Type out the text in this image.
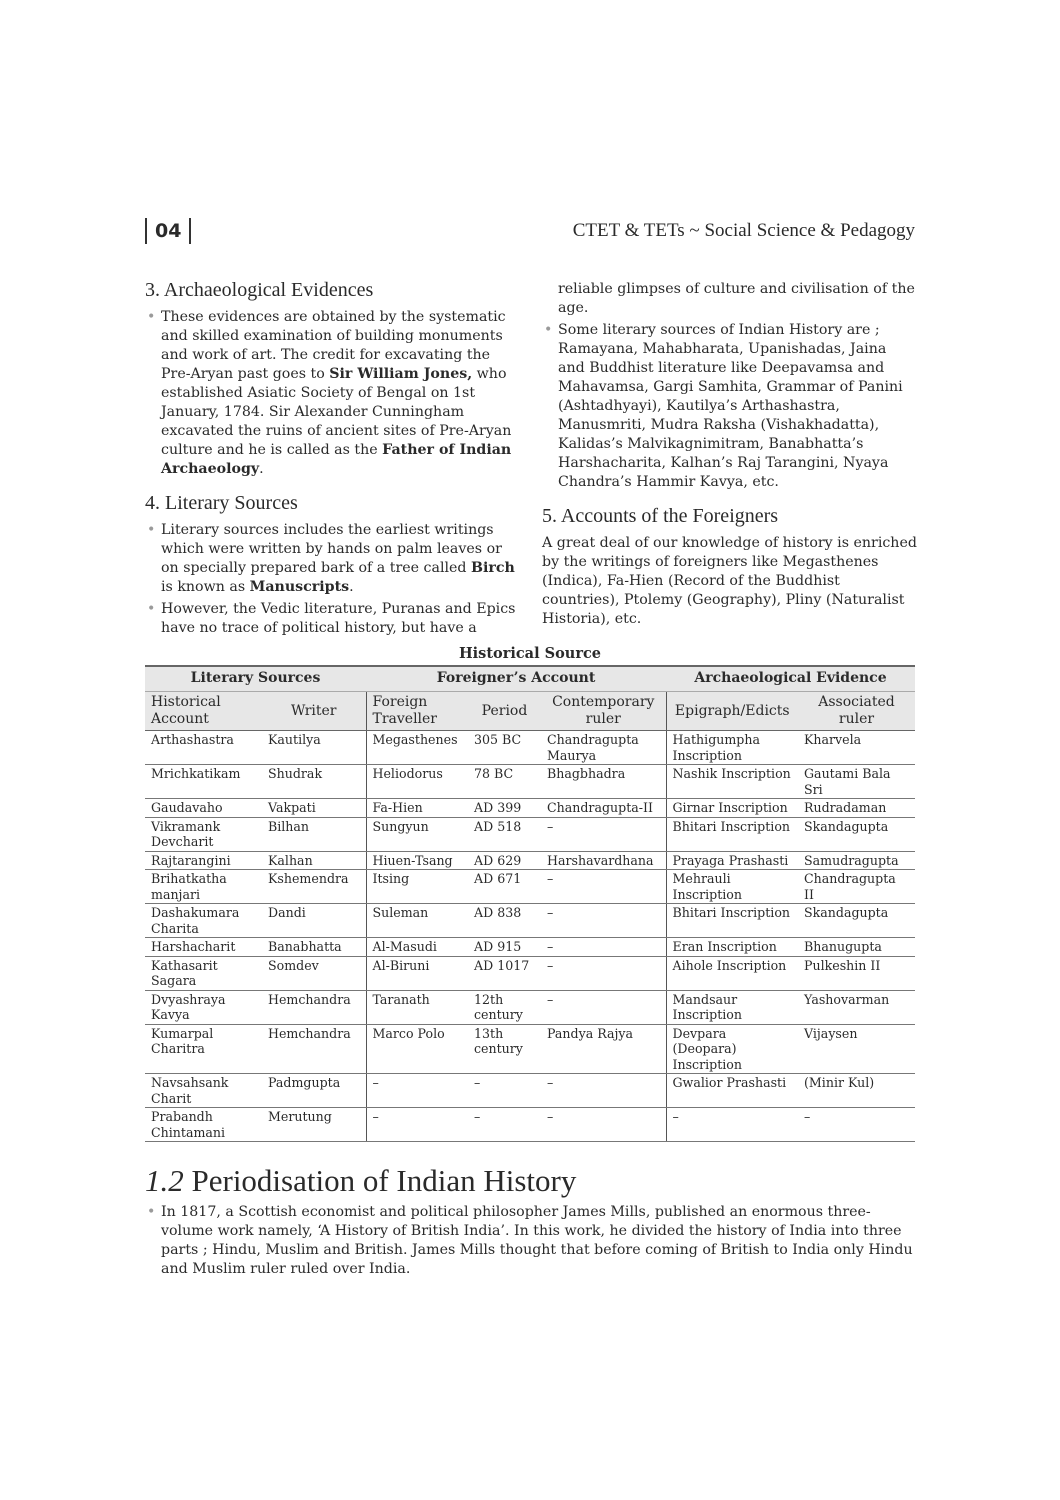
04	CTET & TETs ~ Social Science & Pedagogy
3. Archaeological Evidences
• These evidences are obtained by the systematic and skilled examination of building monuments and work of art. The credit for excavating the Pre-Aryan past goes to Sir William Jones, who established Asiatic Society of Bengal on 1st January, 1784. Sir Alexander Cunningham excavated the ruins of ancient sites of Pre-Aryan culture and he is called as the Father of Indian Archaeology.
4. Literary Sources
• Literary sources includes the earliest writings which were written by hands on palm leaves or on specially prepared bark of a tree called Birch is known as Manuscripts.
• However, the Vedic literature, Puranas and Epics have no trace of political history, but have a

reliable glimpses of culture and civilisation of the age.

• Some literary sources of Indian History are ; Ramayana, Mahabharata, Upanishadas, Jaina and Buddhist literature like Deepavamsa and Mahavamsa, Gargi Samhita, Grammar of Panini (Ashtadhyayi), Kautilya’s Arthashastra, Manusmriti, Mudra Raksha (Vishakhadatta), Kalidas’s Malvikagnimitram, Banabhatta’s Harshacharita, Kalhan’s Raj Tarangini, Nyaya Chandra’s Hammir Kavya, etc.
5. Accounts of the Foreigners

A great deal of our knowledge of history is enriched by the writings of foreigners like Megasthenes (Indica), Fa-Hien (Record of the Buddhist countries), Ptolemy (Geography), Pliny (Naturalist Historia), etc.

Historical Source
Literary Sources		Foreigner’s Account			Archaeological Evidence	
Historical Account	Writer	Foreign Traveller	Period	Contemporary ruler	Epigraph/Edicts	Associated ruler
Arthashastra	Kautilya	Megasthenes	305 BC	Chandragupta Maurya	Hathigumpha Inscription	Kharvela
Mrichkatikam	Shudrak	Heliodorus	78 BC	Bhagbhadra	Nashik Inscription	Gautami Bala Sri
Gaudavaho	Vakpati	Fa-Hien	AD 399	Chandragupta-II	Girnar Inscription	Rudradaman
Vikramank Devcharit	Bilhan	Sungyun	AD 518	–	Bhitari Inscription	Skandagupta
Rajtarangini	Kalhan	Hiuen-Tsang	AD 629	Harshavardhana	Prayaga Prashasti	Samudragupta
Brihatkatha manjari	Kshemendra	Itsing	AD 671	–	Mehrauli Inscription	Chandragupta II
Dashakumara Charita	Dandi	Suleman	AD 838	–	Bhitari Inscription	Skandagupta
Harshacharit	Banabhatta	Al-Masudi	AD 915	–	Eran Inscription	Bhanugupta
Kathasarit Sagara	Somdev	Al-Biruni	AD 1017	–	Aihole Inscription	Pulkeshin II
Dvyashraya Kavya	Hemchandra	Taranath	12th century	–	Mandsaur Inscription	Yashovarman
Kumarpal Charitra	Hemchandra	Marco Polo	13th century	Pandya Rajya	Devpara (Deopara) Inscription	Vijaysen
Navsahsank Charit	Padmgupta	–	–	–	Gwalior Prashasti	(Minir Kul)
Prabandh Chintamani	Merutung	–	–	–	–	–
1.2 Periodisation of Indian History
• In 1817, a Scottish economist and political philosopher James Mills, published an enormous three-volume work namely, ‘A History of British India’. In this work, he divided the history of India into three parts ; Hindu, Muslim and British. James Mills thought that before coming of British to India only Hindu and Muslim ruler ruled over India.
